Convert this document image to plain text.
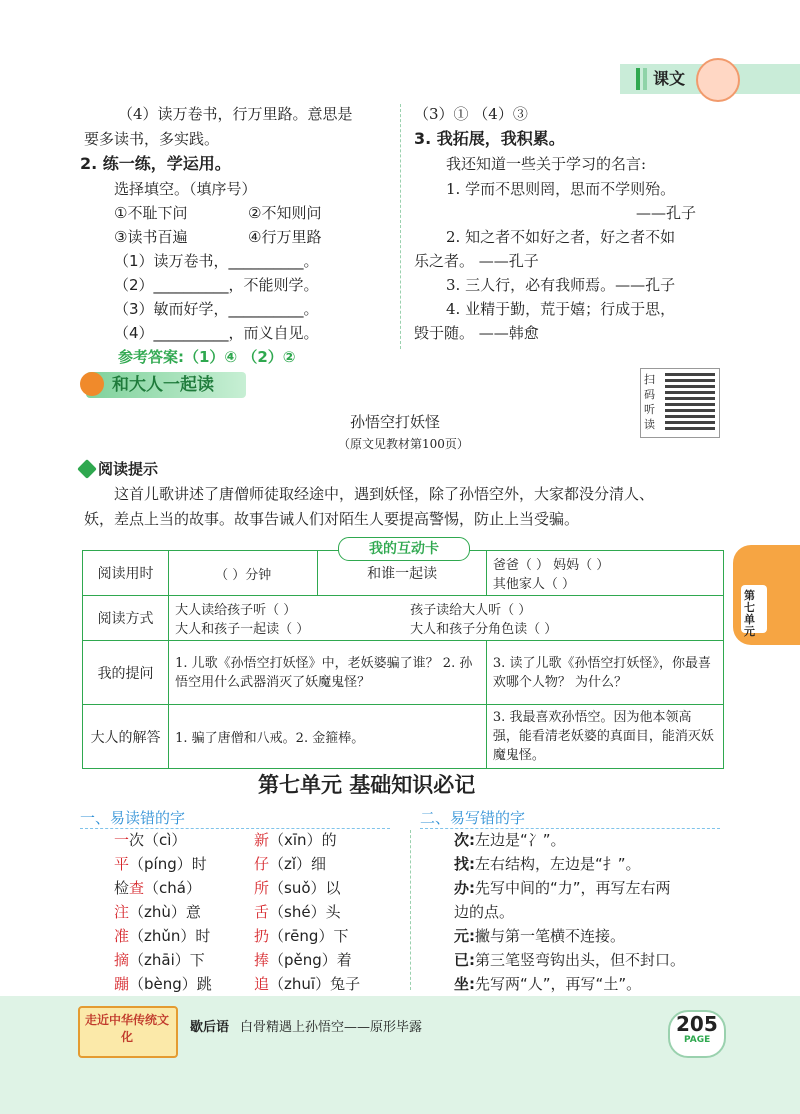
课文
（4）读万卷书，行万里路。意思是
要多读书，多实践。
2. 练一练，学运用。
选择填空。（填序号）
①不耻下问	②不知则问
③读书百遍	④行万里路
（1）读万卷书，__________。
（2）__________，不能则学。
（3）敏而好学，__________。
（4）__________，而义自见。
参考答案:（1）④ （2）②
（3）① （4）③
3. 我拓展，我积累。
我还知道一些关于学习的名言:
1. 学而不思则罔，思而不学则殆。
——孔子
2. 知之者不如好之者，好之者不如
乐之者。 ——孔子
3. 三人行，必有我师焉。——孔子
4. 业精于勤，荒于嬉；行成于思，
毁于随。 ——韩愈
和大人一起读	扫码听读
孙悟空打妖怪
（原文见教材第100页）
阅读提示
这首儿歌讲述了唐僧师徒取经途中，遇到妖怪，除了孙悟空外，大家都没分清人、
妖，差点上当的故事。故事告诫人们对陌生人要提高警惕，防止上当受骗。
阅读用时	（ ）分钟	和谁一起读	爸爸（ ） 妈妈（ ）
其他家人（ ）

阅读方式	大人读给孩子听（ ） 孩子读给大人听（ ）
大人和孩子一起读（ ） 大人和孩子分角色读（ ）		

我的提问	1. 儿歌《孙悟空打妖怪》中，老妖婆骗了谁？ 2. 孙悟空用什么武器消灭了妖魔鬼怪？		3. 读了儿歌《孙悟空打妖怪》，你最喜欢哪个人物？ 为什么？
大人的解答	1. 骗了唐僧和八戒。2. 金箍棒。		3. 我最喜欢孙悟空。因为他本领高强，能看清老妖婆的真面目，能消灭妖魔鬼怪。
我的互动卡
第七单元
第七单元 基础知识必记
一、易读错的字	二、易写错的字
一次（cì）	新（xīn）的
平（píng）时	仔（zǐ）细
检查（chá）	所（suǒ）以
注（zhù）意	舌（shé）头
准（zhǔn）时	扔（rēng）下
摘（zhāi）下	捧（pěng）着
蹦（bèng）跳	追（zhuī）兔子
次:左边是“冫”。
找:左右结构，左边是“扌”。
办:先写中间的“力”，再写左右两
边的点。
元:撇与第一笔横不连接。
已:第三笔竖弯钩出头，但不封口。
坐:先写两“人”，再写“土”。
走近中华传统文化
歇后语 白骨精遇上孙悟空——原形毕露	205
PAGE
